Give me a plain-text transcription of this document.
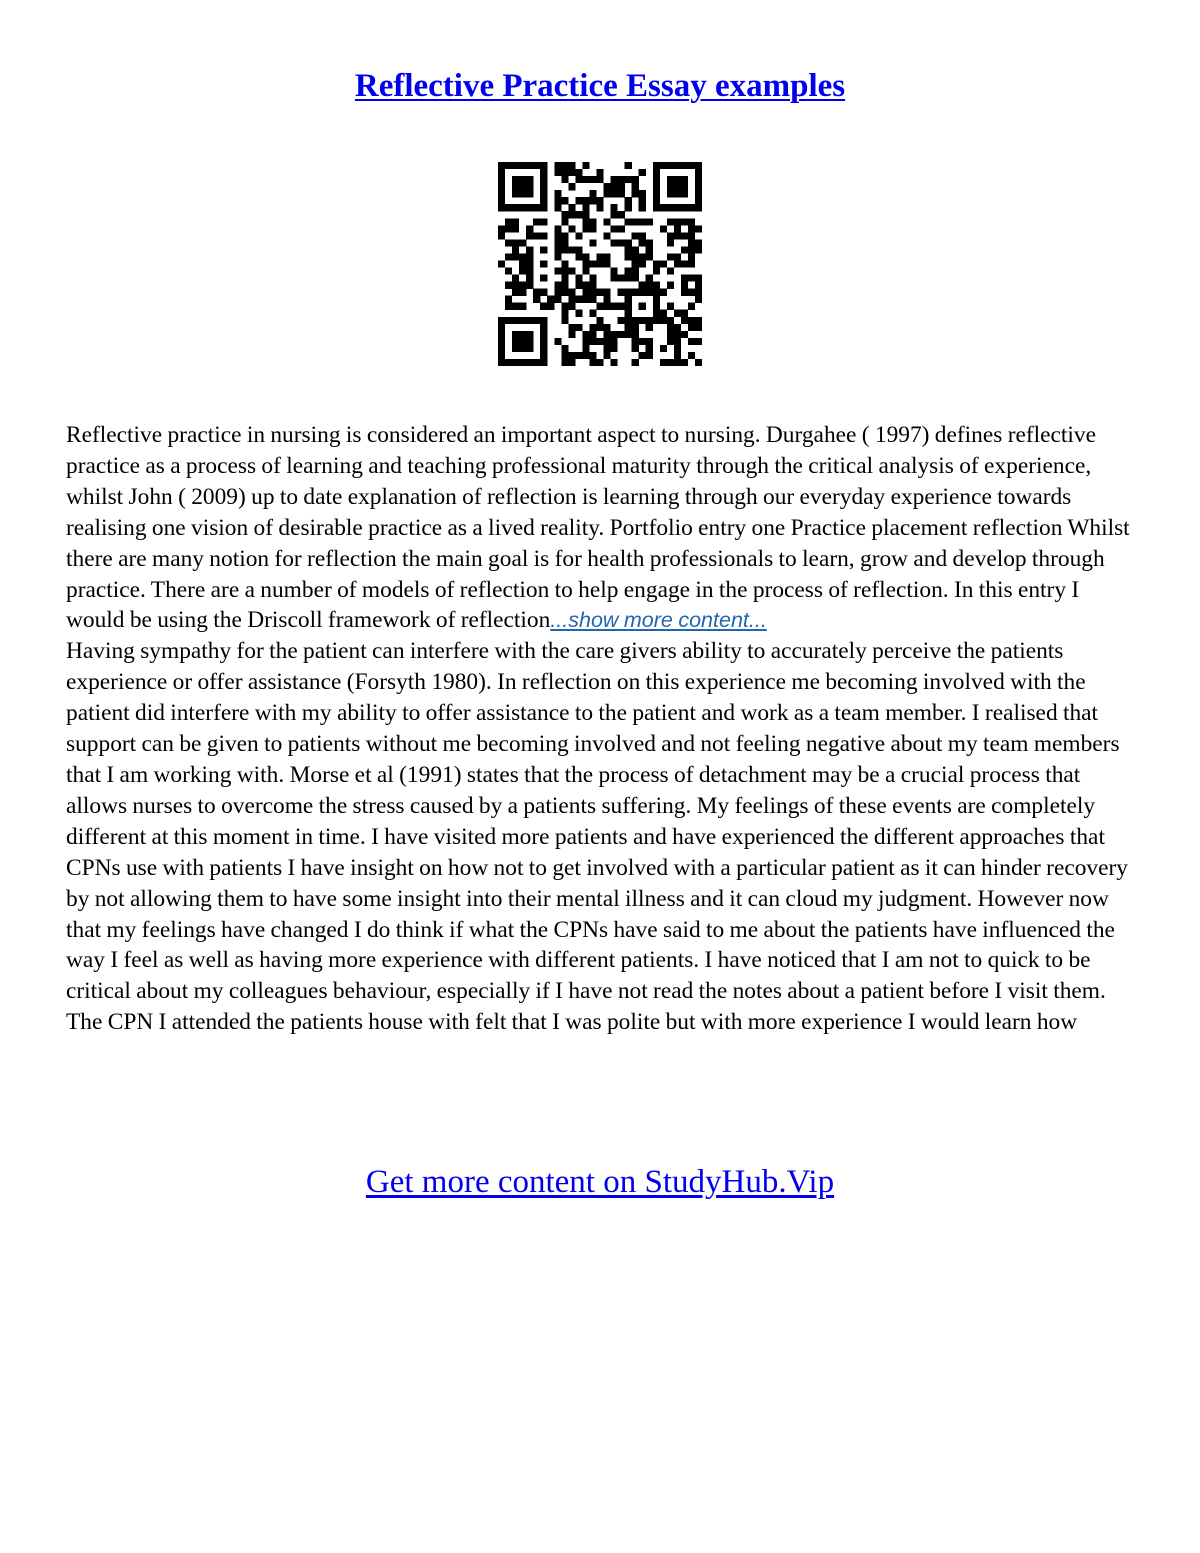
Reflective Practice Essay examples

Reflective practice in nursing is considered an important aspect to nursing. Durgahee ( 1997) defines reflective practice as a process of learning and teaching professional maturity through the critical analysis of experience, whilst John ( 2009) up to date explanation of reflection is learning through our everyday experience towards realising one vision of desirable practice as a lived reality. Portfolio entry one Practice placement reflection Whilst there are many notion for reflection the main goal is for health professionals to learn, grow and develop through practice. There are a number of models of reflection to help engage in the process of reflection. In this entry I would be using the Driscoll framework of reflection...show more content...

Having sympathy for the patient can interfere with the care givers ability to accurately perceive the patients experience or offer assistance (Forsyth 1980). In reflection on this experience me becoming involved with the patient did interfere with my ability to offer assistance to the patient and work as a team member. I realised that support can be given to patients without me becoming involved and not feeling negative about my team members that I am working with. Morse et al (1991) states that the process of detachment may be a crucial process that allows nurses to overcome the stress caused by a patients suffering. My feelings of these events are completely different at this moment in time. I have visited more patients and have experienced the different approaches that CPNs use with patients I have insight on how not to get involved with a particular patient as it can hinder recovery by not allowing them to have some insight into their mental illness and it can cloud my judgment. However now that my feelings have changed I do think if what the CPNs have said to me about the patients have influenced the way I feel as well as having more experience with different patients. I have noticed that I am not to quick to be critical about my colleagues behaviour, especially if I have not read the notes about a patient before I visit them. The CPN I attended the patients house with felt that I was polite but with more experience I would learn how

Get more content on StudyHub.Vip
